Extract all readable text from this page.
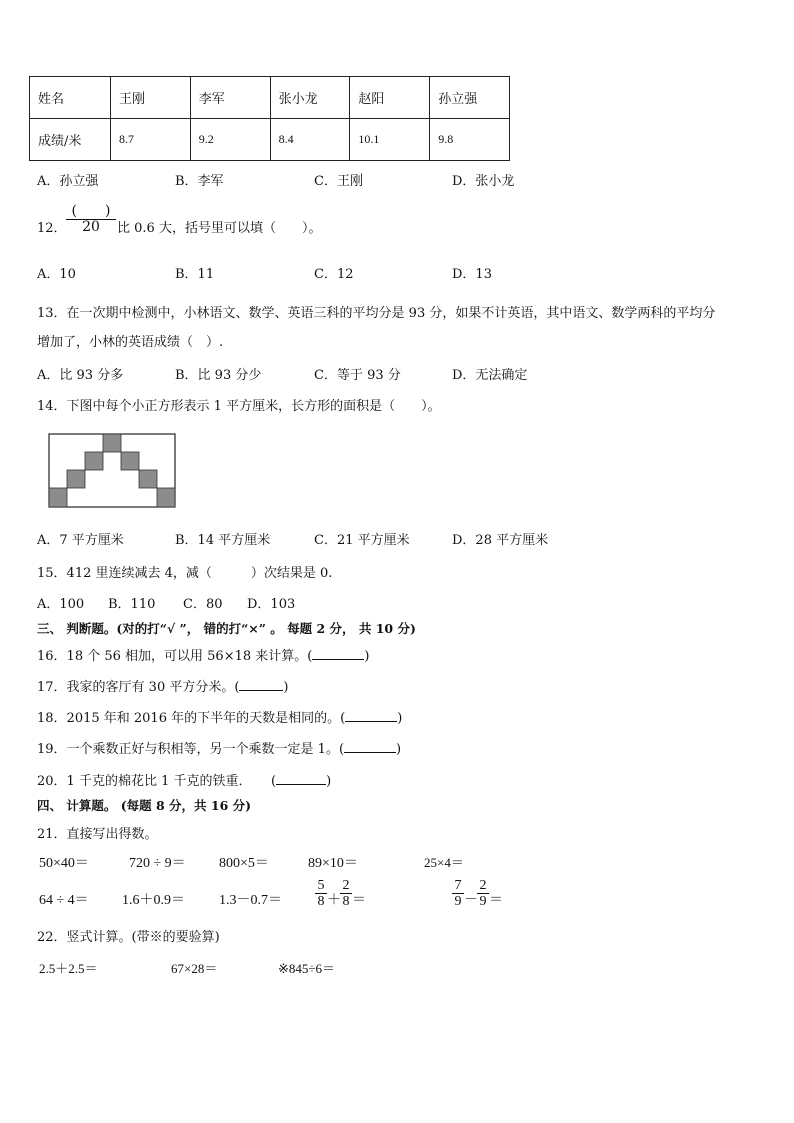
姓名	王刚	李军	张小龙	赵阳	孙立强
成绩/米	8.7	9.2	8.4	10.1	9.8
A．孙立强	B．李军	C．王刚	D．张小龙
12．
(　　)
20	比 0.6 大，括号里可以填（　　）。
A．10	B．11	C．12	D．13
13．在一次期中检测中，小林语文、数学、英语三科的平均分是 93 分，如果不计英语，其中语文、数学两科的平均分
增加了，小林的英语成绩（　）.
A．比 93 分多	B．比 93 分少	C．等于 93 分	D．无法确定
14．下图中每个小正方形表示 1 平方厘米，长方形的面积是（　　）。
A．7 平方厘米	B．14 平方厘米	C．21 平方厘米	D．28 平方厘米
15．412 里连续减去 4，减（　　　）次结果是 0.
A．100 B．110 C．80 D．103
三、 判断题。(对的打“√ ”， 错的打“×” 。 每题 2 分， 共 10 分)
16．18 个 56 相加，可以用 56×18 来计算。(	)
17．我家的客厅有 30 平方分米。(	)
18．2015 年和 2016 年的下半年的天数是相同的。(	)
19．一个乘数正好与积相等，另一个乘数一定是 1。(	)
20．1 千克的棉花比 1 千克的铁重．　　(	)
四、 计算题。 (每题 8 分，共 16 分)
21．直接写出得数。
50×40＝	720 ÷ 9＝ 800×5＝	89×10＝	25×4＝
$64 \div 4= 1.6+0.9= 1.3-0.7= \frac{5}{8} + \frac{2}{8}$ ＝	$\frac{7}{9} - \frac{2}{9}$ ＝
22．竖式计算。(带※的要验算)
2.5＋2.5＝	67×28＝	※845÷6＝
